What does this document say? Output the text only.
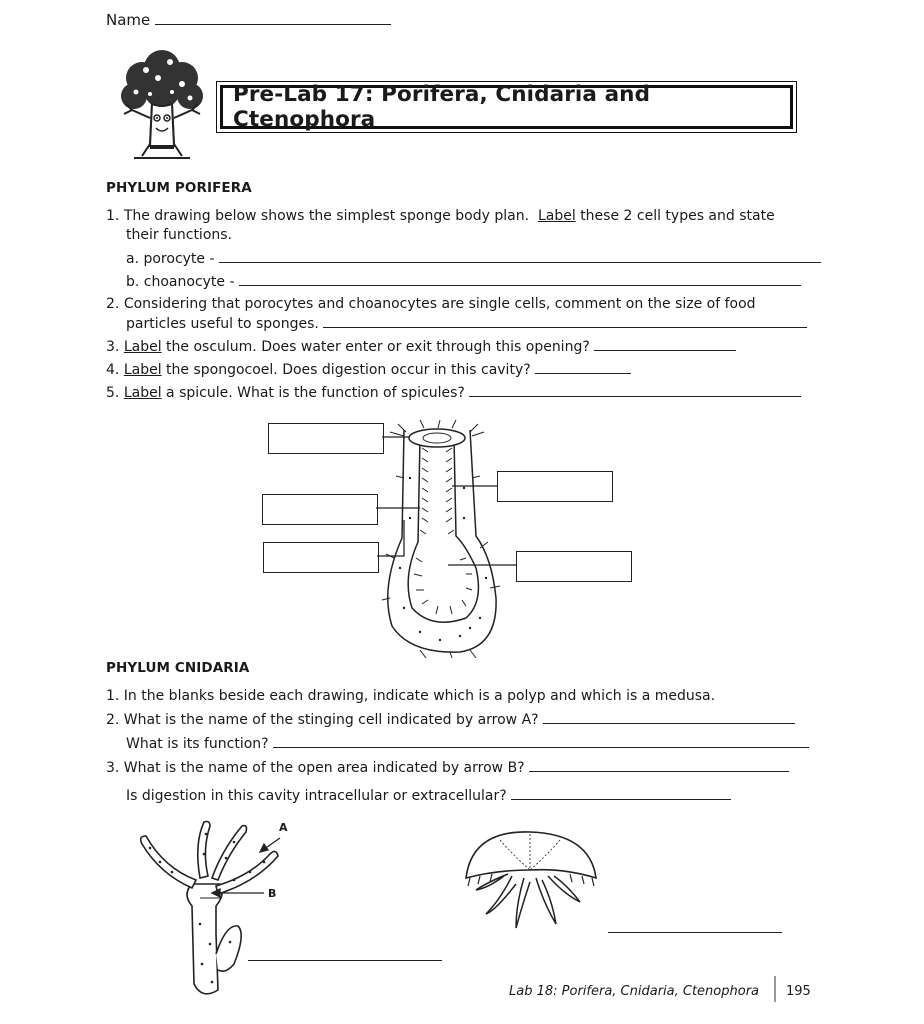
Name
Pre-Lab 17: Porifera, Cnidaria and Ctenophora
PHYLUM PORIFERA
1. The drawing below shows the simplest sponge body plan. Label these 2 cell types and state
their functions.
a. porocyte -
b. choanocyte -
2. Considering that porocytes and choanocytes are single cells, comment on the size of food
particles useful to sponges.
3. Label the osculum. Does water enter or exit through this opening?
4. Label the spongocoel. Does digestion occur in this cavity?
5. Label a spicule. What is the function of spicules?
PHYLUM CNIDARIA
1. In the blanks beside each drawing, indicate which is a polyp and which is a medusa.
2. What is the name of the stinging cell indicated by arrow A?
What is its function?
3. What is the name of the open area indicated by arrow B?
Is digestion in this cavity intracellular or extracellular?
A
B
Lab 18: Porifera, Cnidaria, Ctenophora 195
